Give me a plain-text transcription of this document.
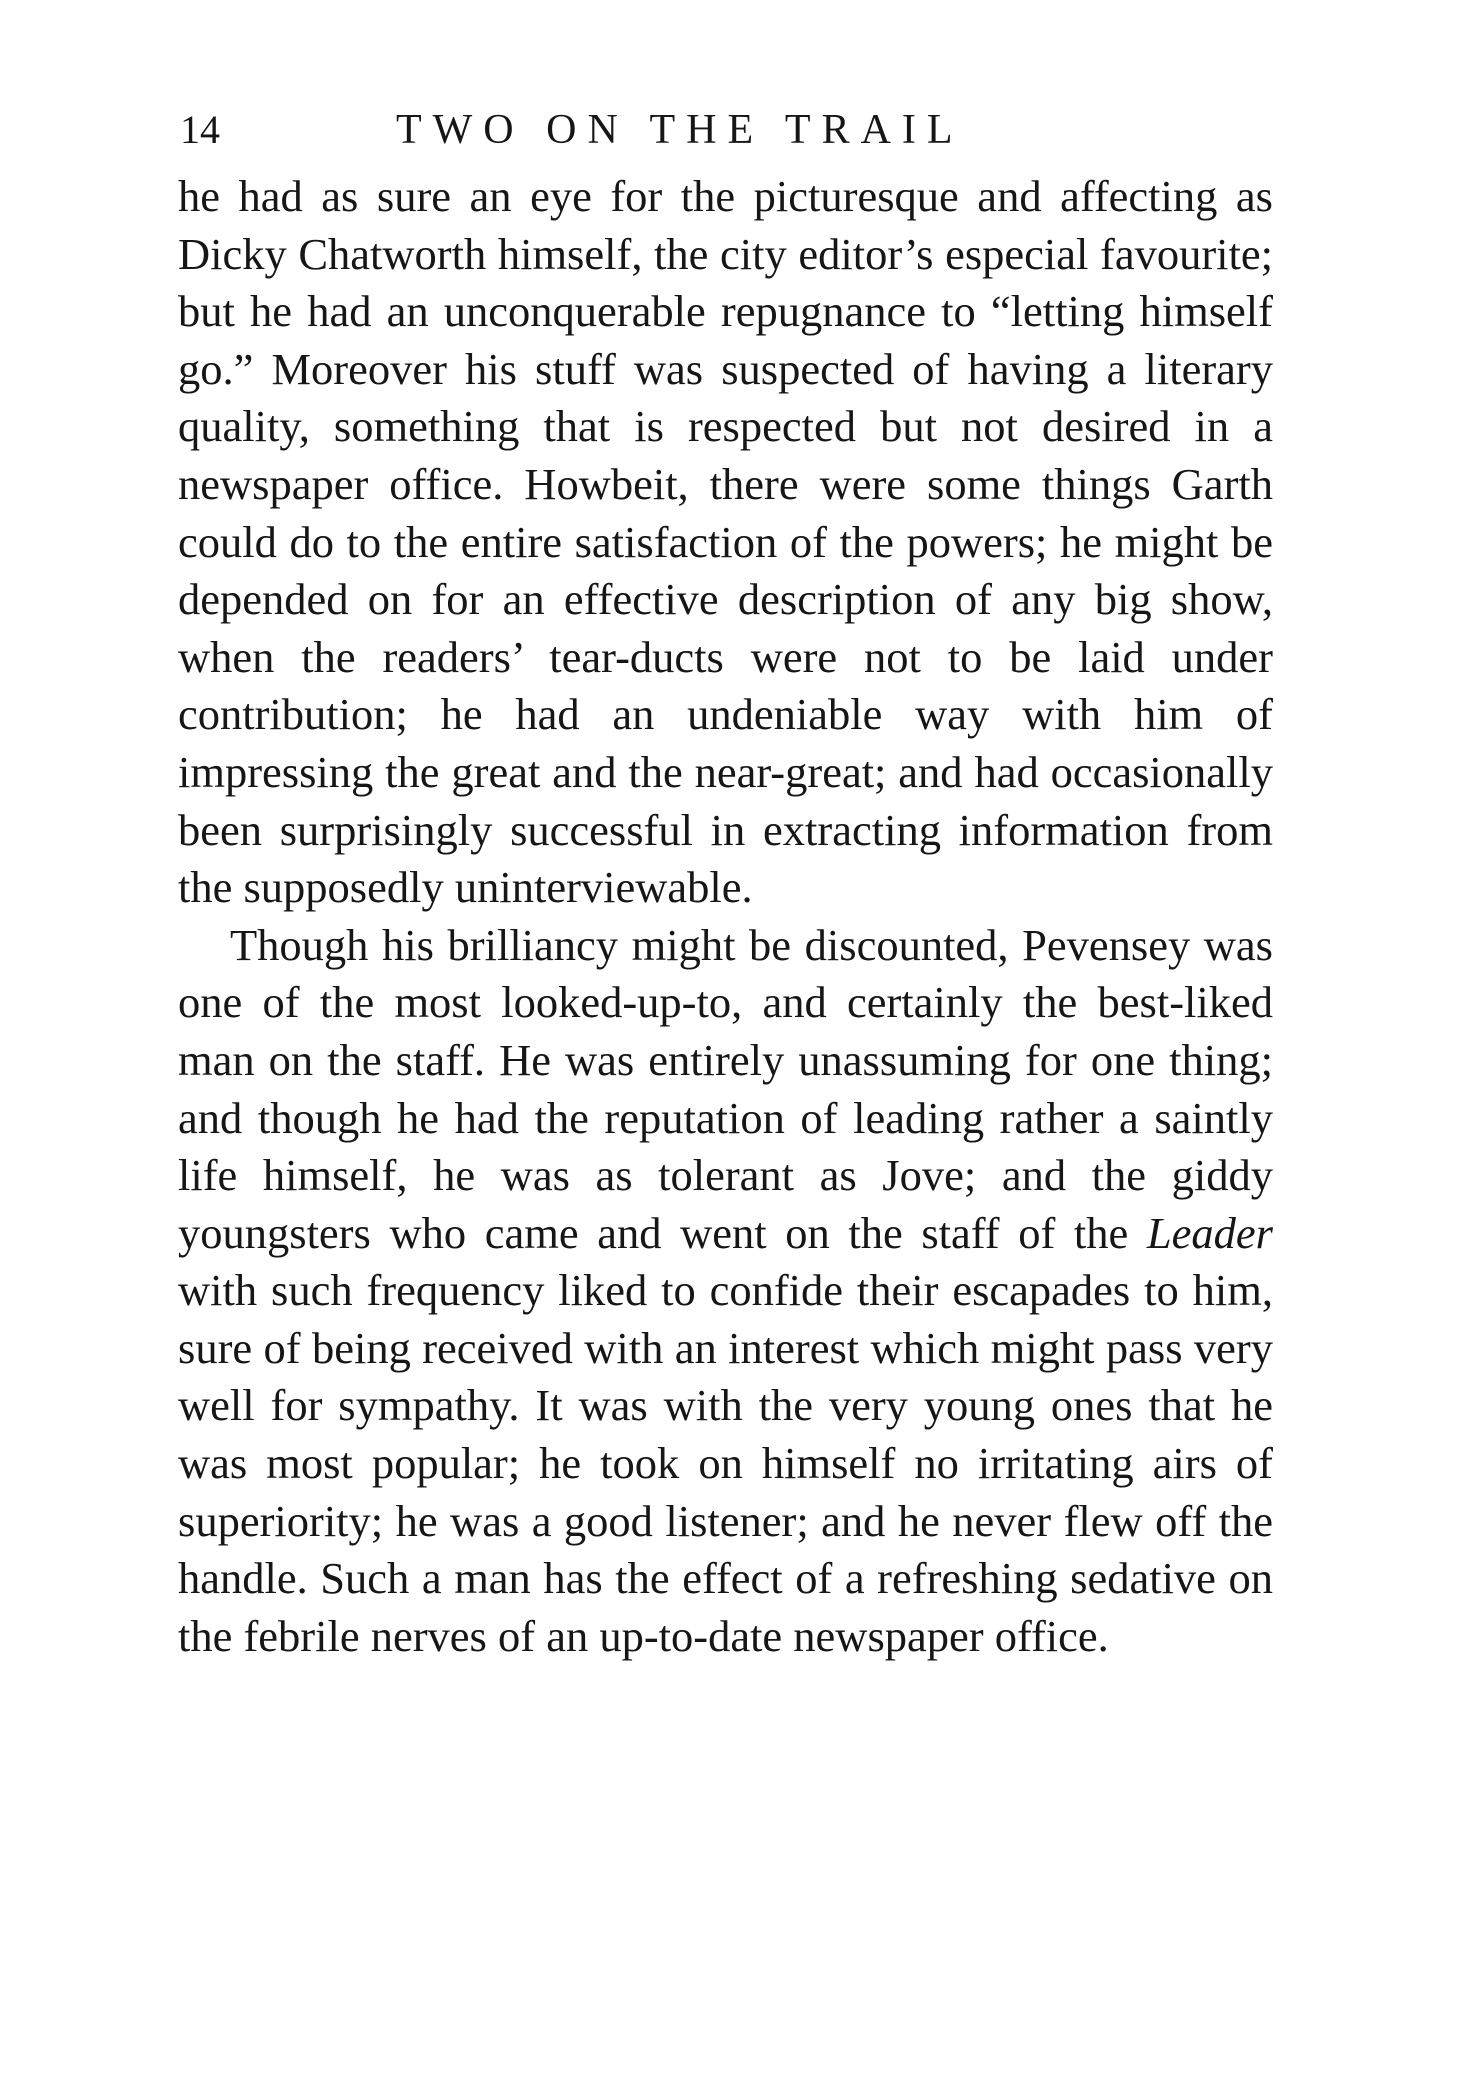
14	TWO ON THE TRAIL

he had as sure an eye for the picturesque and affecting as Dicky Chatworth himself, the city editor’s especial favourite; but he had an unconquerable repugnance to “letting himself go.” Moreover his stuff was suspected of having a literary quality, something that is respected but not desired in a newspaper office. Howbeit, there were some things Garth could do to the entire satisfaction of the powers; he might be depended on for an effective description of any big show, when the readers’ tear-ducts were not to be laid under contribution; he had an undeniable way with him of impressing the great and the near-great; and had occasionally been surprisingly successful in extracting information from the supposedly uninterviewable.

Though his brilliancy might be discounted, Pevensey was one of the most looked-up-to, and certainly the best-liked man on the staff. He was entirely unassuming for one thing; and though he had the reputation of leading rather a saintly life himself, he was as tolerant as Jove; and the giddy youngsters who came and went on the staff of the Leader with such frequency liked to confide their escapades to him, sure of being received with an interest which might pass very well for sympathy. It was with the very young ones that he was most popular; he took on himself no irritating airs of superiority; he was a good listener; and he never flew off the handle. Such a man has the effect of a refreshing sedative on the febrile nerves of an up-to-date newspaper office.
